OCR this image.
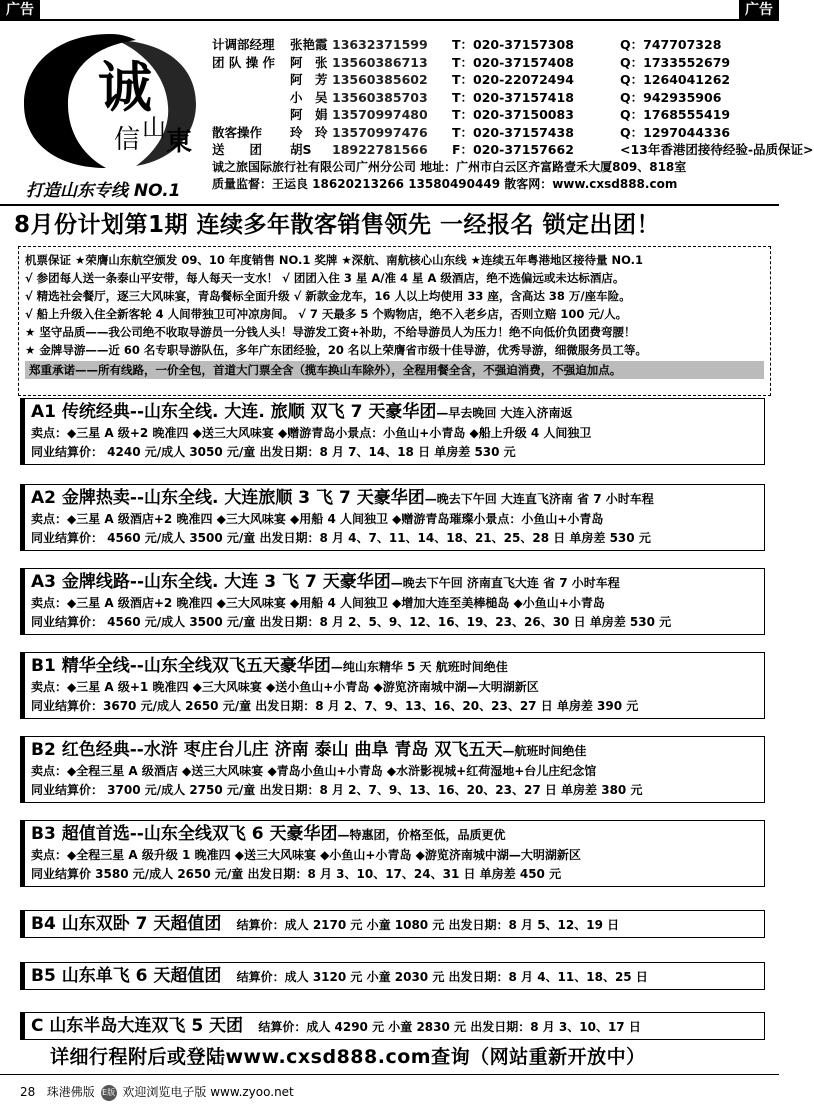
广告	广告
诚
信 山 東
打造山东专线 NO.1
计调部经理	张艳霞 13632371599	T：020-37157308	Q：747707328
团 队 操 作	阿　张 13560386713	T：020-37157408	Q：1733552679
阿　芳 13560385602	T：020-22072494	Q：1264041262
小　吴 13560385703	T：020-37157418	Q：942935906
阿　娟 13570997480	T：020-37150083	Q：1768555419
散客操作	玲　玲 13570997476	T：020-37157438	Q：1297044336
送　　团	胡S	18922781566	F：020-37157662	<13年香港团接待经验-品质保证>
诚之旅国际旅行社有限公司广州分公司 地址：广州市白云区齐富路壹禾大厦809、818室
质量监督：王运良 18620213266 13580490449 散客网：www.cxsd888.com
8月份计划第1期 连续多年散客销售领先 一经报名 锁定出团！
机票保证 ★荣膺山东航空颁发 09、10 年度销售 NO.1 奖牌 ★深航、南航核心山东线 ★连续五年粤港地区接待量 NO.1
√ 参团每人送一条泰山平安带，每人每天一支水！ √ 团团入住 3 星 A/准 4 星 A 级酒店，绝不选偏远或未达标酒店。
√ 精选社会餐厅，逐三大风味宴，青岛餐标全面升级 √ 新款金龙车，16 人以上均使用 33 座，含高达 38 万/座车险。
√ 船上升级入住全新客轮 4 人间带独卫可冲凉房间。 √ 7 天最多 5 个购物店，绝不入老乡店，否则立赔 100 元/人。
★ 坚守品质——我公司绝不收取导游员一分钱人头！导游发工资+补助，不给导游员人为压力！绝不向低价负团费弯腰！
★ 金牌导游——近 60 名专职导游队伍，多年广东团经验，20 名以上荣膺省市级十佳导游，优秀导游，细微服务员工等。
郑重承诺——所有线路，一价全包，首道大门票全含（揽车换山车除外），全程用餐全含，不强迫消费，不强迫加点。
A1 传统经典--山东全线. 大连. 旅顺 双飞 7 天豪华团—早去晚回 大连入济南返
卖点：◆三星 A 级+2 晚准四 ◆送三大风味宴 ◆赠游青岛小景点：小鱼山+小青岛 ◆船上升级 4 人间独卫
同业结算价： 4240 元/成人 3050 元/童 出发日期：8 月 7、14、18 日 单房差 530 元
A2 金牌热卖--山东全线. 大连旅顺 3 飞 7 天豪华团—晚去下午回 大连直飞济南 省 7 小时车程
卖点：◆三星 A 级酒店+2 晚准四 ◆三大风味宴 ◆用船 4 人间独卫 ◆赠游青岛璀璨小景点：小鱼山+小青岛
同业结算价： 4560 元/成人 3500 元/童 出发日期：8 月 4、7、11、14、18、21、25、28 日 单房差 530 元
A3 金牌线路--山东全线. 大连 3 飞 7 天豪华团—晚去下午回 济南直飞大连 省 7 小时车程
卖点：◆三星 A 级酒店+2 晚准四 ◆三大风味宴 ◆用船 4 人间独卫 ◆增加大连至美棒槌岛 ◆小鱼山+小青岛
同业结算价： 4560 元/成人 3500 元/童 出发日期：8 月 2、5、9、12、16、19、23、26、30 日 单房差 530 元
B1 精华全线--山东全线双飞五天豪华团—纯山东精华 5 天 航班时间绝佳
卖点：◆三星 A 级+1 晚准四 ◆三大风味宴 ◆送小鱼山+小青岛 ◆游览济南城中湖—大明湖新区
同业结算价：3670 元/成人 2650 元/童 出发日期：8 月 2、7、9、13、16、20、23、27 日 单房差 390 元
B2 红色经典--水浒 枣庄台儿庄 济南 泰山 曲阜 青岛 双飞五天—航班时间绝佳
卖点：◆全程三星 A 级酒店 ◆送三大风味宴 ◆青岛小鱼山+小青岛 ◆水浒影视城+红荷湿地+台儿庄纪念馆
同业结算价： 3700 元/成人 2750 元/童 出发日期：8 月 2、7、9、13、16、20、23、27 日 单房差 380 元
B3 超值首选--山东全线双飞 6 天豪华团—特惠团，价格至低，品质更优
卖点：◆全程三星 A 级升级 1 晚准四 ◆送三大风味宴 ◆小鱼山+小青岛 ◆游览济南城中湖—大明湖新区
同业结算价 3580 元/成人 2650 元/童 出发日期：8 月 3、10、17、24、31 日 单房差 450 元
B4 山东双卧 7 天超值团 结算价：成人 2170 元 小童 1080 元 出发日期：8 月 5、12、19 日
B5 山东单飞 6 天超值团 结算价：成人 3120 元 小童 2030 元 出发日期：8 月 4、11、18、25 日
C 山东半岛大连双飞 5 天团 结算价：成人 4290 元 小童 2830 元 出发日期：8 月 3、10、17 日
详细行程附后或登陆www.cxsd888.com查询（网站重新开放中）
28 珠港佛版 E版 欢迎浏览电子版 www.zyoo.net
